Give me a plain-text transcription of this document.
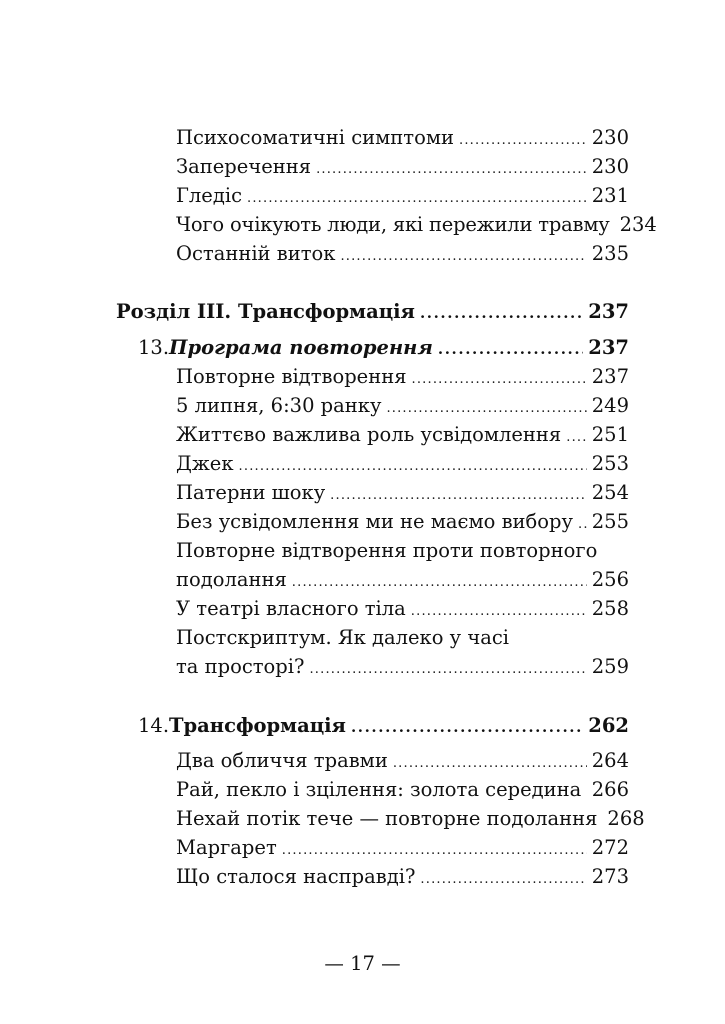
Психосоматичні симптоми .....	230
Заперечення .....	230
Гледіс .....	231
Чого очікують люди, які пережили травму 234
Останній виток .....	235
Розділ ІІІ. Трансформація .....	237
13. Програма повторення .....	237
Повторне відтворення .....	237
5 липня, 6:30 ранку .....	249
Життєво важлива роль усвідомлення ..... 251
Джек .....	253
Патерни шоку .....	254
Без усвідомлення ми не маємо вибору ..... 255
Повторне відтворення проти повторного
подолання .....	256
У театрі власного тіла .....	258
Постскриптум. Як далеко у часі
та просторі? .....	259
14. Трансформація .....	262
Два обличчя травми .....	264
Рай, пекло і зцілення: золота середина ..... 266
Нехай потік тече — повторне подолання 268
Маргарет .....	272
Що сталося насправді? .....	273
— 17 —
